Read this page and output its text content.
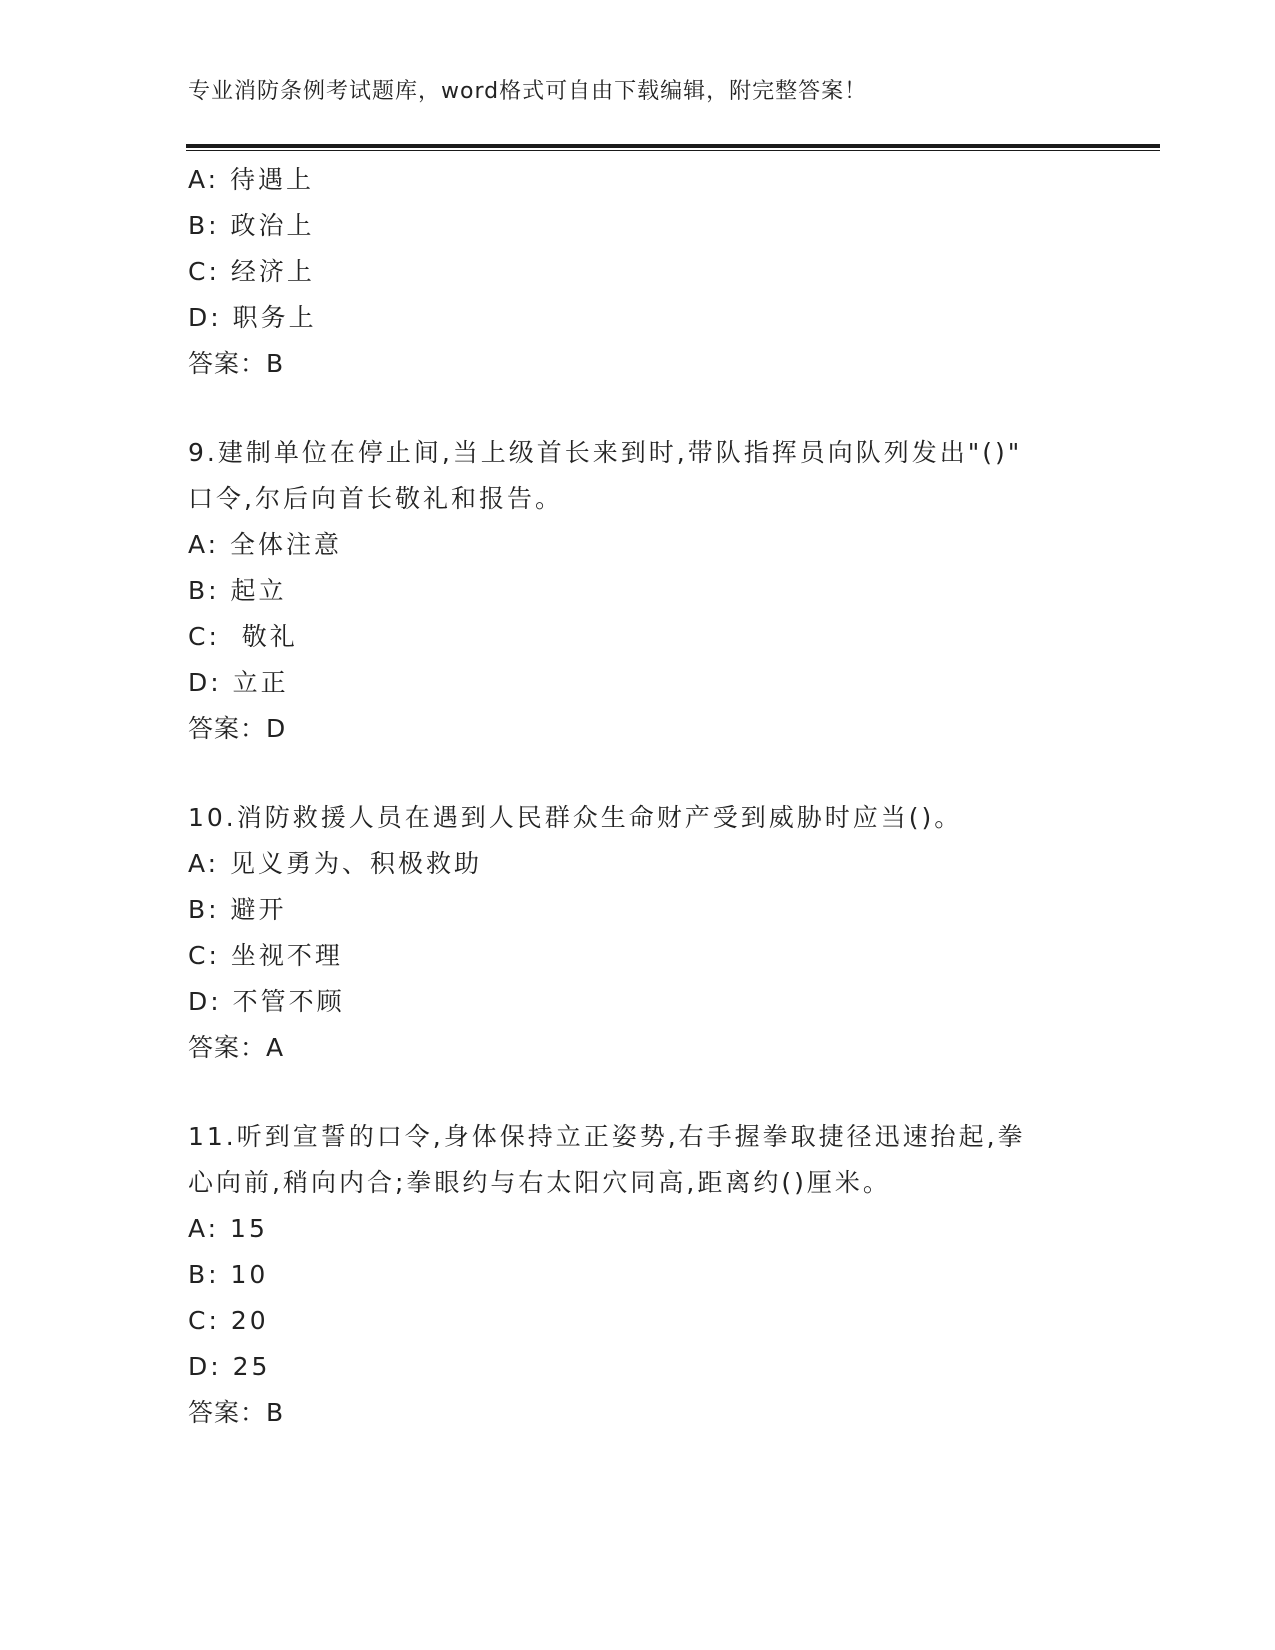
专业消防条例考试题库，word格式可自由下载编辑，附完整答案！
A: 待遇上
B: 政治上
C: 经济上
D: 职务上
答案：B
9.建制单位在停止间,当上级首长来到时,带队指挥员向队列发出"()"
口令,尔后向首长敬礼和报告。
A: 全体注意
B: 起立
C:  敬礼
D: 立正
答案：D
10.消防救援人员在遇到人民群众生命财产受到威胁时应当()。
A: 见义勇为、积极救助
B: 避开
C: 坐视不理
D: 不管不顾
答案：A
11.听到宣誓的口令,身体保持立正姿势,右手握拳取捷径迅速抬起,拳
心向前,稍向内合;拳眼约与右太阳穴同高,距离约()厘米。
A: 15
B: 10
C: 20
D: 25
答案：B
